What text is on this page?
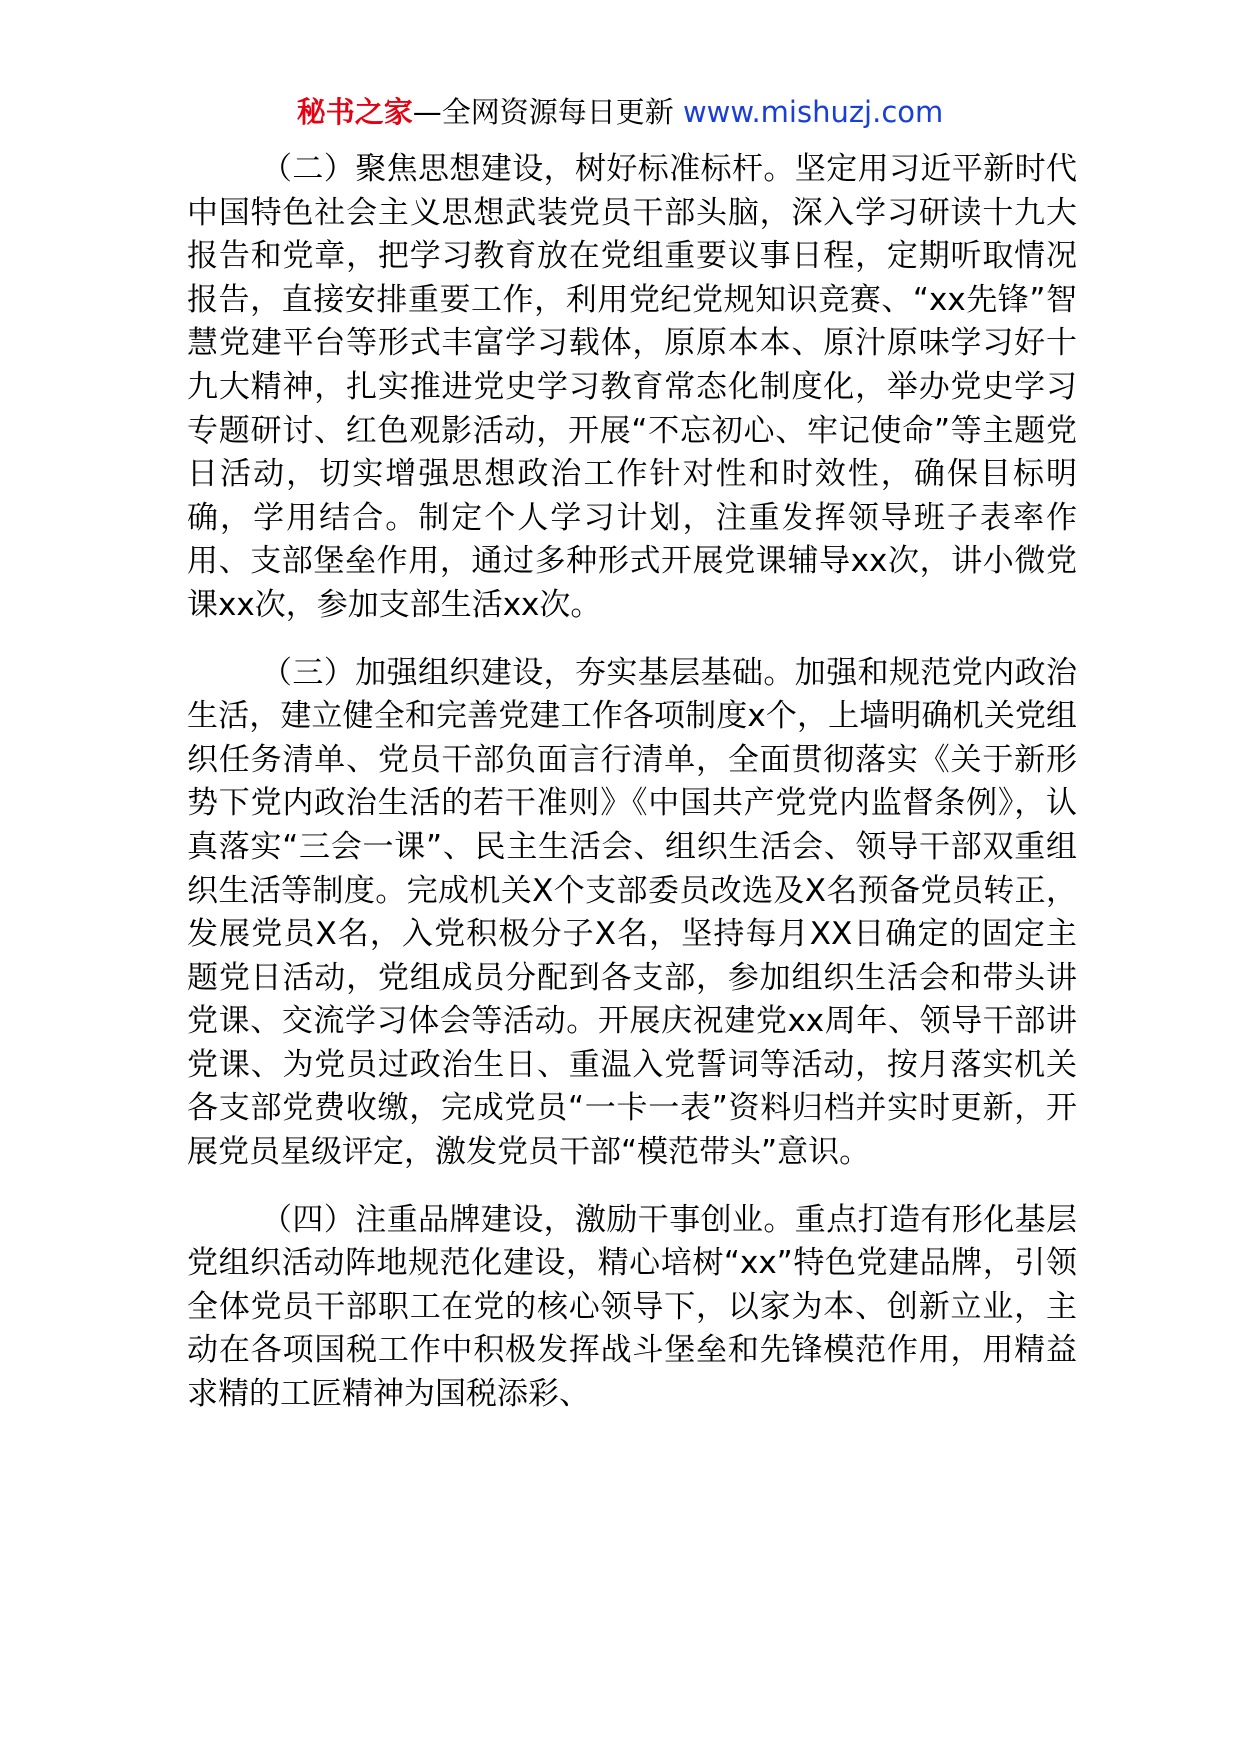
秘书之家—全网资源每日更新 www.mishuzj.com

（二）聚焦思想建设，树好标准标杆。坚定用习近平新时代中国特色社会主义思想武装党员干部头脑，深入学习研读十九大报告和党章，把学习教育放在党组重要议事日程，定期听取情况报告，直接安排重要工作，利用党纪党规知识竞赛、“xx先锋”智慧党建平台等形式丰富学习载体，原原本本、原汁原味学习好十九大精神，扎实推进党史学习教育常态化制度化，举办党史学习专题研讨、红色观影活动，开展“不忘初心、牢记使命”等主题党日活动，切实增强思想政治工作针对性和时效性，确保目标明确，学用结合。制定个人学习计划，注重发挥领导班子表率作用、支部堡垒作用，通过多种形式开展党课辅导xx次，讲小微党课xx次，参加支部生活xx次。

（三）加强组织建设，夯实基层基础。加强和规范党内政治生活，建立健全和完善党建工作各项制度x个，上墙明确机关党组织任务清单、党员干部负面言行清单，全面贯彻落实《关于新形势下党内政治生活的若干准则》《中国共产党党内监督条例》，认真落实“三会一课”、民主生活会、组织生活会、领导干部双重组织生活等制度。完成机关X个支部委员改选及X名预备党员转正，发展党员X名，入党积极分子X名，坚持每月XX日确定的固定主题党日活动，党组成员分配到各支部，参加组织生活会和带头讲党课、交流学习体会等活动。开展庆祝建党xx周年、领导干部讲党课、为党员过政治生日、重温入党誓词等活动，按月落实机关各支部党费收缴，完成党员“一卡一表”资料归档并实时更新，开展党员星级评定，激发党员干部“模范带头”意识。

（四）注重品牌建设，激励干事创业。重点打造有形化基层党组织活动阵地规范化建设，精心培树“xx”特色党建品牌，引领全体党员干部职工在党的核心领导下，以家为本、创新立业，主动在各项国税工作中积极发挥战斗堡垒和先锋模范作用，用精益求精的工匠精神为国税添彩、
